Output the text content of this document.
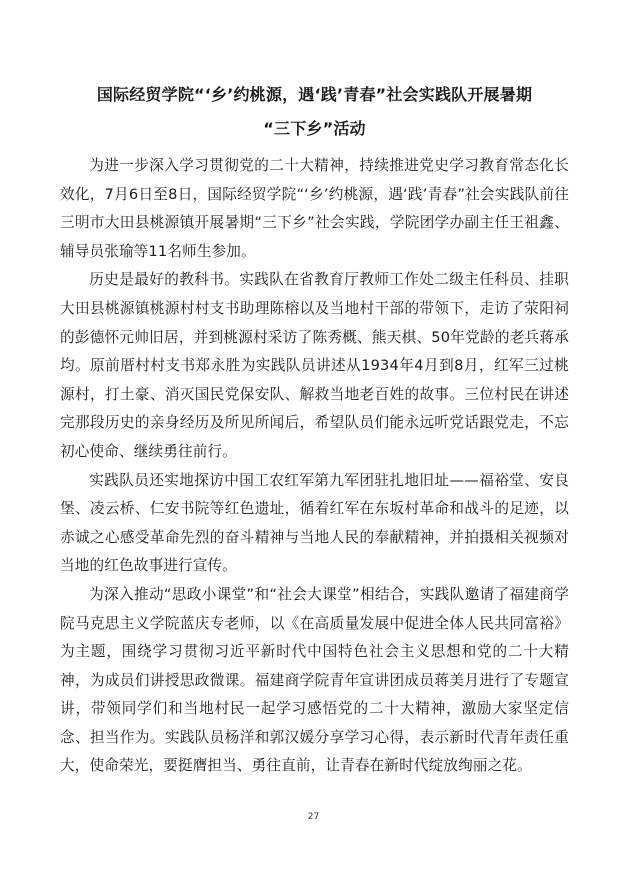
国际经贸学院“‘乡’约桃源，遇‘践’青春”社会实践队开展暑期
“三下乡”活动

为进一步深入学习贯彻党的二十大精神，持续推进党史学习教育常态化长效化，7月6日至8日，国际经贸学院“‘乡’约桃源，遇‘践’青春”社会实践队前往三明市大田县桃源镇开展暑期“三下乡”社会实践，学院团学办副主任王祖鑫、辅导员张瑜等11名师生参加。

历史是最好的教科书。实践队在省教育厅教师工作处二级主任科员、挂职大田县桃源镇桃源村村支书助理陈榕以及当地村干部的带领下，走访了荥阳祠的彭德怀元帅旧居，并到桃源村采访了陈秀概、熊天棋、50年党龄的老兵蒋承均。原前厝村村支书郑永胜为实践队员讲述从1934年4月到8月，红军三过桃源村，打土豪、消灭国民党保安队、解救当地老百姓的故事。三位村民在讲述完那段历史的亲身经历及所见所闻后，希望队员们能永远听党话跟党走，不忘初心使命、继续勇往前行。

实践队员还实地探访中国工农红军第九军团驻扎地旧址——福裕堂、安良堡、凌云桥、仁安书院等红色遗址，循着红军在东坂村革命和战斗的足迹，以赤诚之心感受革命先烈的奋斗精神与当地人民的奉献精神，并拍摄相关视频对当地的红色故事进行宣传。

为深入推动“思政小课堂”和“社会大课堂”相结合，实践队邀请了福建商学院马克思主义学院蓝庆专老师，以《在高质量发展中促进全体人民共同富裕》为主题，围绕学习贯彻习近平新时代中国特色社会主义思想和党的二十大精神，为成员们讲授思政微课。福建商学院青年宣讲团成员蒋美月进行了专题宣讲，带领同学们和当地村民一起学习感悟党的二十大精神，激励大家坚定信念、担当作为。实践队员杨洋和郭汉媛分享学习心得，表示新时代青年责任重大，使命荣光，要挺膺担当、勇往直前，让青春在新时代绽放绚丽之花。

27
